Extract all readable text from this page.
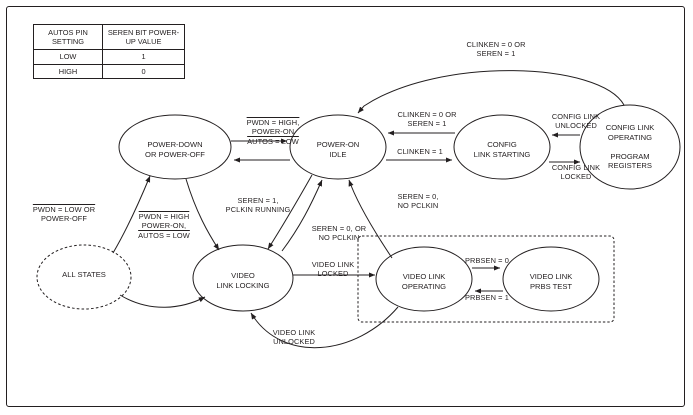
AUTOS PIN SETTING	SEREN BIT POWER-UP VALUE
LOW	1
HIGH	0
ALL STATES
POWER-DOWN
OR POWER-OFF
POWER-ON
IDLE
CONFIG
LINK STARTING
CONFIG LINK
OPERATING

PROGRAM
REGISTERS
VIDEO
LINK LOCKING
VIDEO LINK
OPERATING
VIDEO LINK
PRBS TEST
PWDN = LOW OR
POWER-OFF	PWDN = HIGH
POWER-ON,
AUTOS = LOW
PWDN = HIGH,
POWER-ON
AUTOS = LOW
SEREN = 1,
PCLKIN RUNNING
SEREN = 0, OR
NO PCLKIN
VIDEO LINK
LOCKED
VIDEO LINK
UNLOCKED
SEREN = 0,
NO PCLKIN
CLINKEN = 0 OR
SEREN = 1
CLINKEN = 0 OR
SEREN = 1
CLINKEN = 1
CONFIG LINK
UNLOCKED
CONFIG LINK
LOCKED
PRBSEN = 0
PRBSEN = 1
